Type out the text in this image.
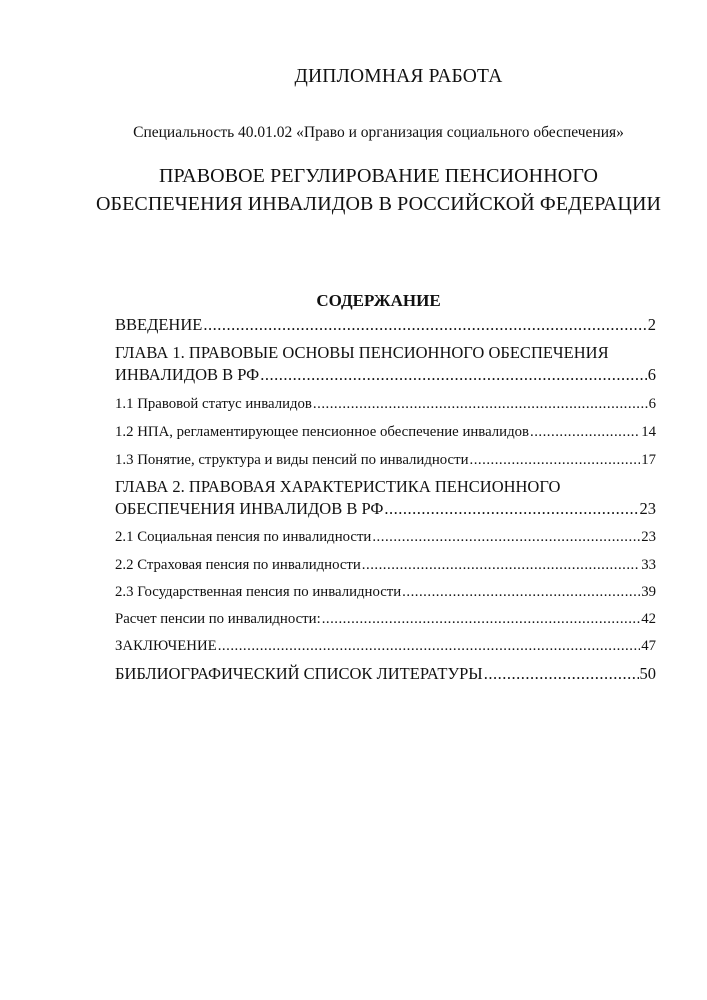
ДИПЛОМНАЯ РАБОТА
Специальность 40.01.02 «Право и организация социального обеспечения»
ПРАВОВОЕ РЕГУЛИРОВАНИЕ ПЕНСИОННОГО
ОБЕСПЕЧЕНИЯ ИНВАЛИДОВ В РОССИЙСКОЙ ФЕДЕРАЦИИ
СОДЕРЖАНИЕ
ВВЕДЕНИЕ .....	2
ГЛАВА 1. ПРАВОВЫЕ ОСНОВЫ ПЕНСИОННОГО ОБЕСПЕЧЕНИЯ
ИНВАЛИДОВ В РФ .....	6
1.1 Правовой статус инвалидов .....	6
1.2 НПА, регламентирующее пенсионное обеспечение инвалидов .....	14
1.3 Понятие, структура и виды пенсий по инвалидности .....	17
ГЛАВА 2. ПРАВОВАЯ ХАРАКТЕРИСТИКА ПЕНСИОННОГО
ОБЕСПЕЧЕНИЯ ИНВАЛИДОВ В РФ .....	23
2.1 Социальная пенсия по инвалидности .....	23
2.2 Страховая пенсия по инвалидности .....	33
2.3 Государственная пенсия по инвалидности .....	39
Расчет пенсии по инвалидности: .....	42
ЗАКЛЮЧЕНИЕ .....	47
БИБЛИОГРАФИЧЕСКИЙ СПИСОК ЛИТЕРАТУРЫ .....	50
